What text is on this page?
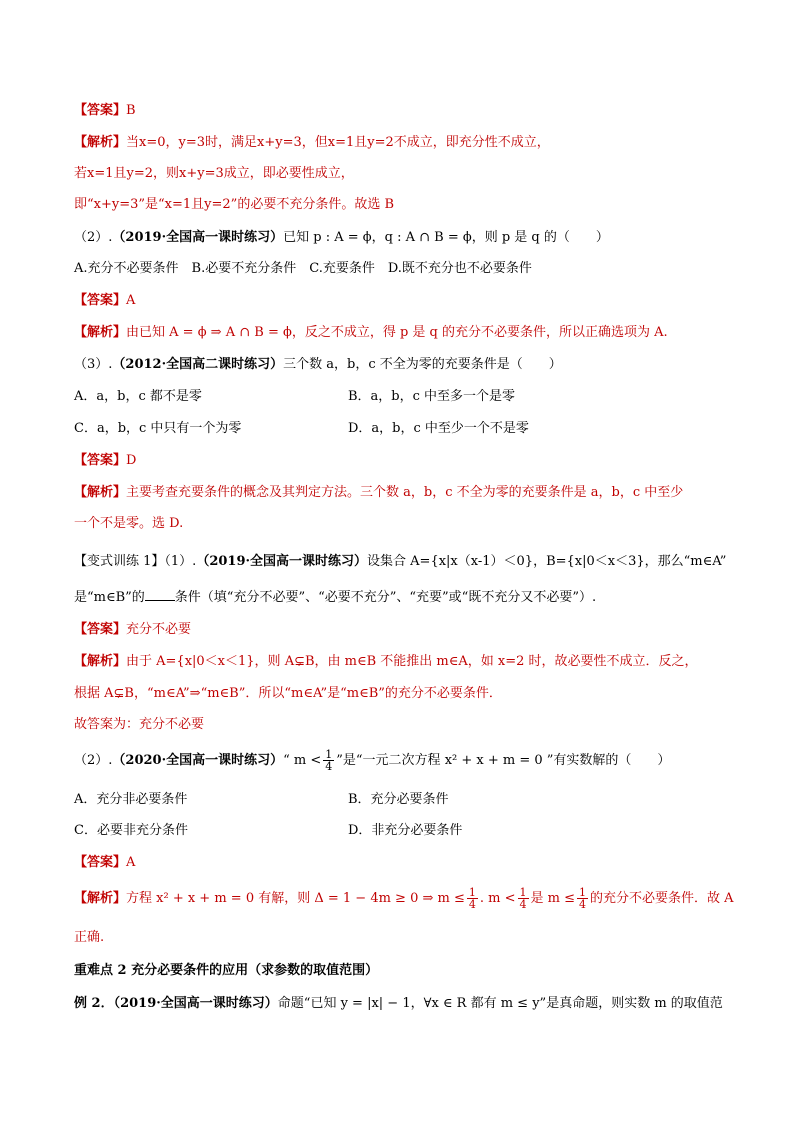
【答案】B
【解析】当x=0，y=3时，满足x+y=3，但x=1且y=2不成立，即充分性不成立，
若x=1且y=2，则x+y=3成立，即必要性成立，
即“x+y=3”是“x=1且y=2”的必要不充分条件。故选 B
（2）.（2019·全国高一课时练习）已知 p : A = ϕ，q : A ∩ B = ϕ，则 p 是 q 的（　　）
A.充分不必要条件　B.必要不充分条件　C.充要条件　D.既不充分也不必要条件
【答案】A
【解析】由已知 A = ϕ ⇒ A ∩ B = ϕ，反之不成立，得 p 是 q 的充分不必要条件，所以正确选项为 A.
（3）.（2012·全国高二课时练习）三个数 a，b，c 不全为零的充要条件是（　　）
A．a，b，c 都不是零	B．a，b，c 中至多一个是零
C．a，b，c 中只有一个为零	D．a，b，c 中至少一个不是零
【答案】D
【解析】主要考查充要条件的概念及其判定方法。三个数 a，b，c 不全为零的充要条件是 a，b，c 中至少
一个不是零。选 D.
【变式训练 1】（1）.（2019·全国高一课时练习）设集合 A={x|x（x-1）＜0}，B={x|0＜x＜3}，那么“m∈A”
是“m∈B”的 条件（填“充分不必要”、“必要不充分”、“充要”或“既不充分又不必要”）.
【答案】充分不必要
【解析】由于 A={x|0＜x＜1}，则 A⊊B，由 m∈B 不能推出 m∈A，如 x=2 时，故必要性不成立．反之，
根据 A⊊B，“m∈A”⇒“m∈B”．所以“m∈A”是“m∈B”的充分不必要条件．
故答案为：充分不必要
（2）.（2020·全国高一课时练习）“ $m < \frac{1}{4}$ ”是“一元二次方程 x² + x + m = 0 ”有实数解的（　　）
A．充分非必要条件	B．充分必要条件
C．必要非充分条件	D．非充分必要条件
【答案】A
【解析】方程 x² + x + m = 0 有解，则 Δ = 1 − 4m ≥ 0 ⇒ $m \le \frac{1}{4}$ . $m < \frac{1}{4}$ 是 $m \le \frac{1}{4}$ 的充分不必要条件．故 A
正确.
重难点 2 充分必要条件的应用（求参数的取值范围）
例 2．（2019·全国高一课时练习）命题“已知 y = |x| − 1，∀x ∈ R 都有 m ≤ y”是真命题，则实数 m 的取值范
